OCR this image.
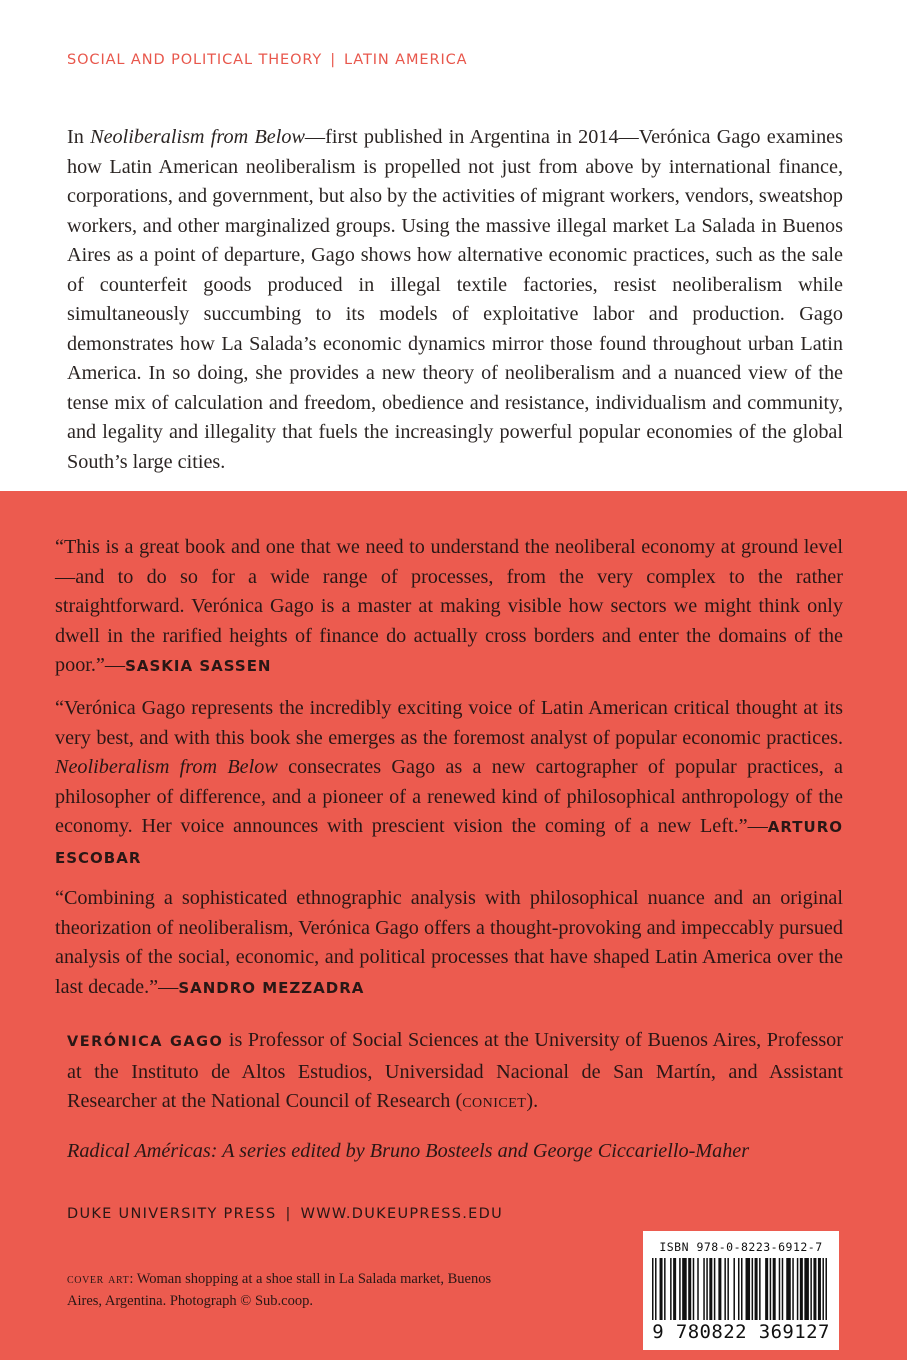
SOCIAL AND POLITICAL THEORY | LATIN AMERICA
In Neoliberalism from Below—first published in Argentina in 2014—Verónica Gago examines how Latin American neoliberalism is propelled not just from above by international finance, corporations, and government, but also by the activities of migrant workers, vendors, sweatshop workers, and other marginalized groups. Using the massive illegal market La Salada in Buenos Aires as a point of departure, Gago shows how alternative economic practices, such as the sale of counterfeit goods produced in illegal textile factories, resist neoliberalism while simultaneously succumbing to its models of exploitative labor and production. Gago demonstrates how La Salada’s economic dynamics mirror those found throughout urban Latin America. In so doing, she provides a new theory of neoliberalism and a nuanced view of the tense mix of calculation and freedom, obedience and resistance, individualism and community, and legality and illegality that fuels the increasingly powerful popular economies of the global South’s large cities.
“This is a great book and one that we need to understand the neoliberal economy at ground level—and to do so for a wide range of processes, from the very complex to the rather straightforward. Verónica Gago is a master at making visible how sectors we might think only dwell in the rarified heights of finance do actually cross borders and enter the domains of the poor.”—SASKIA SASSEN
“Verónica Gago represents the incredibly exciting voice of Latin American critical thought at its very best, and with this book she emerges as the foremost analyst of popular economic practices. Neoliberalism from Below consecrates Gago as a new cartographer of popular practices, a philosopher of difference, and a pioneer of a renewed kind of philosophical anthropology of the economy. Her voice announces with prescient vision the coming of a new Left.”—ARTURO ESCOBAR
“Combining a sophisticated ethnographic analysis with philosophical nuance and an original theorization of neoliberalism, Verónica Gago offers a thought-provoking and impeccably pursued analysis of the social, economic, and political processes that have shaped Latin America over the last decade.”—SANDRO MEZZADRA
VERÓNICA GAGO is Professor of Social Sciences at the University of Buenos Aires, Professor at the Instituto de Altos Estudios, Universidad Nacional de San Martín, and Assistant Researcher at the National Council of Research (conicet).
Radical Américas: A series edited by Bruno Bosteels and George Ciccariello-Maher
DUKE UNIVERSITY PRESS | WWW.DUKEUPRESS.EDU
cover art: Woman shopping at a shoe stall in La Salada market, Buenos Aires, Argentina. Photograph © Sub.coop.
ISBN 978-0-8223-6912-7
9 780822 369127
